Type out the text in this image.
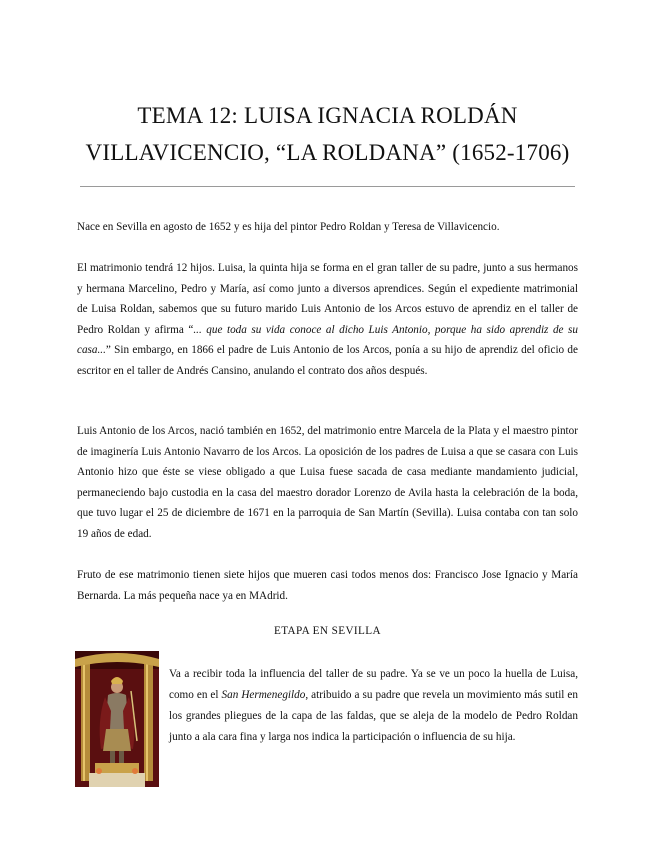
TEMA 12: LUISA IGNACIA ROLDÁN
VILLAVICENCIO, “LA ROLDANA” (1652-1706)

Nace en Sevilla en agosto de 1652 y es hija del pintor Pedro Roldan y Teresa de Villavicencio.

El matrimonio tendrá 12 hijos. Luisa, la quinta hija se forma en el gran taller de su padre, junto a sus hermanos y hermana Marcelino, Pedro y María, así como junto a diversos aprendices. Según el expediente matrimonial de Luisa Roldan, sabemos que su futuro marido Luis Antonio de los Arcos estuvo de aprendiz en el taller de Pedro Roldan y afirma “... que toda su vida conoce al dicho Luis Antonio, porque ha sido aprendiz de su casa...” Sin embargo, en 1866 el padre de Luis Antonio de los Arcos, ponía a su hijo de aprendiz del oficio de escritor en el taller de Andrés Cansino, anulando el contrato dos años después.

Luis Antonio de los Arcos, nació también en 1652, del matrimonio entre Marcela de la Plata y el maestro pintor de imaginería Luis Antonio Navarro de los Arcos. La oposición de los padres de Luisa a que se casara con Luis Antonio hizo que éste se viese obligado a que Luisa fuese sacada de casa mediante mandamiento judicial, permaneciendo bajo custodia en la casa del maestro dorador Lorenzo de Avila hasta la celebración de la boda, que tuvo lugar el 25 de diciembre de 1671 en la parroquia de San Martín (Sevilla). Luisa contaba con tan solo 19 años de edad.

Fruto de ese matrimonio tienen siete hijos que mueren casi todos menos dos: Francisco Jose Ignacio y María Bernarda. La más pequeña nace ya en MAdrid.

ETAPA EN SEVILLA

Va a recibir toda la influencia del taller de su padre. Ya se ve un poco la huella de Luisa, como en el San Hermenegildo, atribuido a su padre que revela un movimiento más sutil en los grandes pliegues de la capa de las faldas, que se aleja de la modelo de Pedro Roldan junto a ala cara fina y larga nos indica la participación o influencia de su hija.
